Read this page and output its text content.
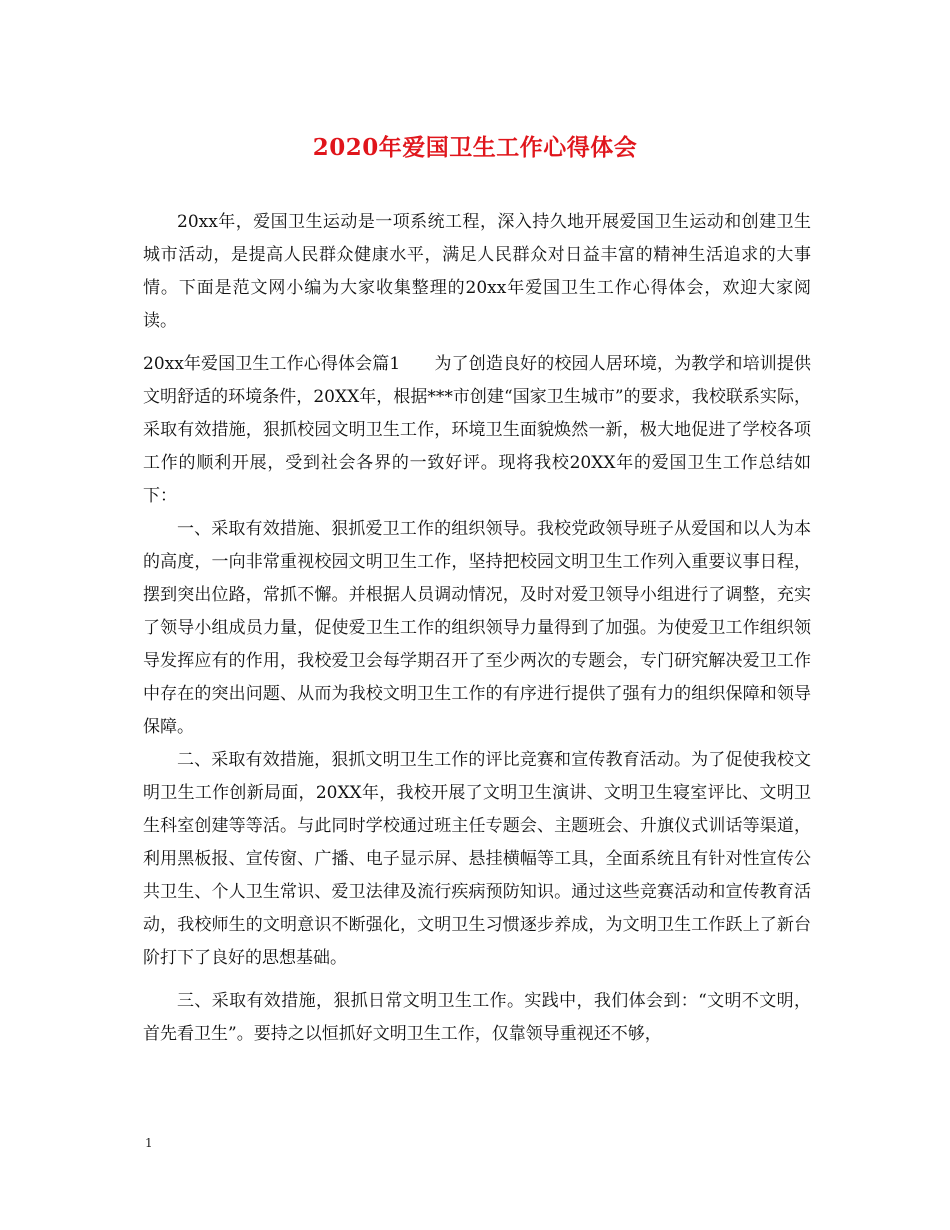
2020年爱国卫生工作心得体会

20xx年，爱国卫生运动是一项系统工程，深入持久地开展爱国卫生运动和创建卫生城市活动，是提高人民群众健康水平，满足人民群众对日益丰富的精神生活追求的大事情。下面是范文网小编为大家收集整理的20xx年爱国卫生工作心得体会，欢迎大家阅读。

20xx年爱国卫生工作心得体会篇1　　为了创造良好的校园人居环境，为教学和培训提供文明舒适的环境条件，20XX年，根据***市创建“国家卫生城市”的要求，我校联系实际，采取有效措施，狠抓校园文明卫生工作，环境卫生面貌焕然一新，极大地促进了学校各项工作的顺利开展，受到社会各界的一致好评。现将我校20XX年的爱国卫生工作总结如下：

一、采取有效措施、狠抓爱卫工作的组织领导。我校党政领导班子从爱国和以人为本的高度，一向非常重视校园文明卫生工作，坚持把校园文明卫生工作列入重要议事日程，摆到突出位路，常抓不懈。并根据人员调动情况，及时对爱卫领导小组进行了调整，充实了领导小组成员力量，促使爱卫生工作的组织领导力量得到了加强。为使爱卫工作组织领导发挥应有的作用，我校爱卫会每学期召开了至少两次的专题会，专门研究解决爱卫工作中存在的突出问题、从而为我校文明卫生工作的有序进行提供了强有力的组织保障和领导保障。

二、采取有效措施，狠抓文明卫生工作的评比竞赛和宣传教育活动。为了促使我校文明卫生工作创新局面，20XX年，我校开展了文明卫生演讲、文明卫生寝室评比、文明卫生科室创建等等活。与此同时学校通过班主任专题会、主题班会、升旗仪式训话等渠道，利用黑板报、宣传窗、广播、电子显示屏、悬挂横幅等工具，全面系统且有针对性宣传公共卫生、个人卫生常识、爱卫法律及流行疾病预防知识。通过这些竞赛活动和宣传教育活动，我校师生的文明意识不断强化，文明卫生习惯逐步养成，为文明卫生工作跃上了新台阶打下了良好的思想基础。

三、采取有效措施，狠抓日常文明卫生工作。实践中，我们体会到：“文明不文明，首先看卫生”。要持之以恒抓好文明卫生工作，仅靠领导重视还不够，

1
